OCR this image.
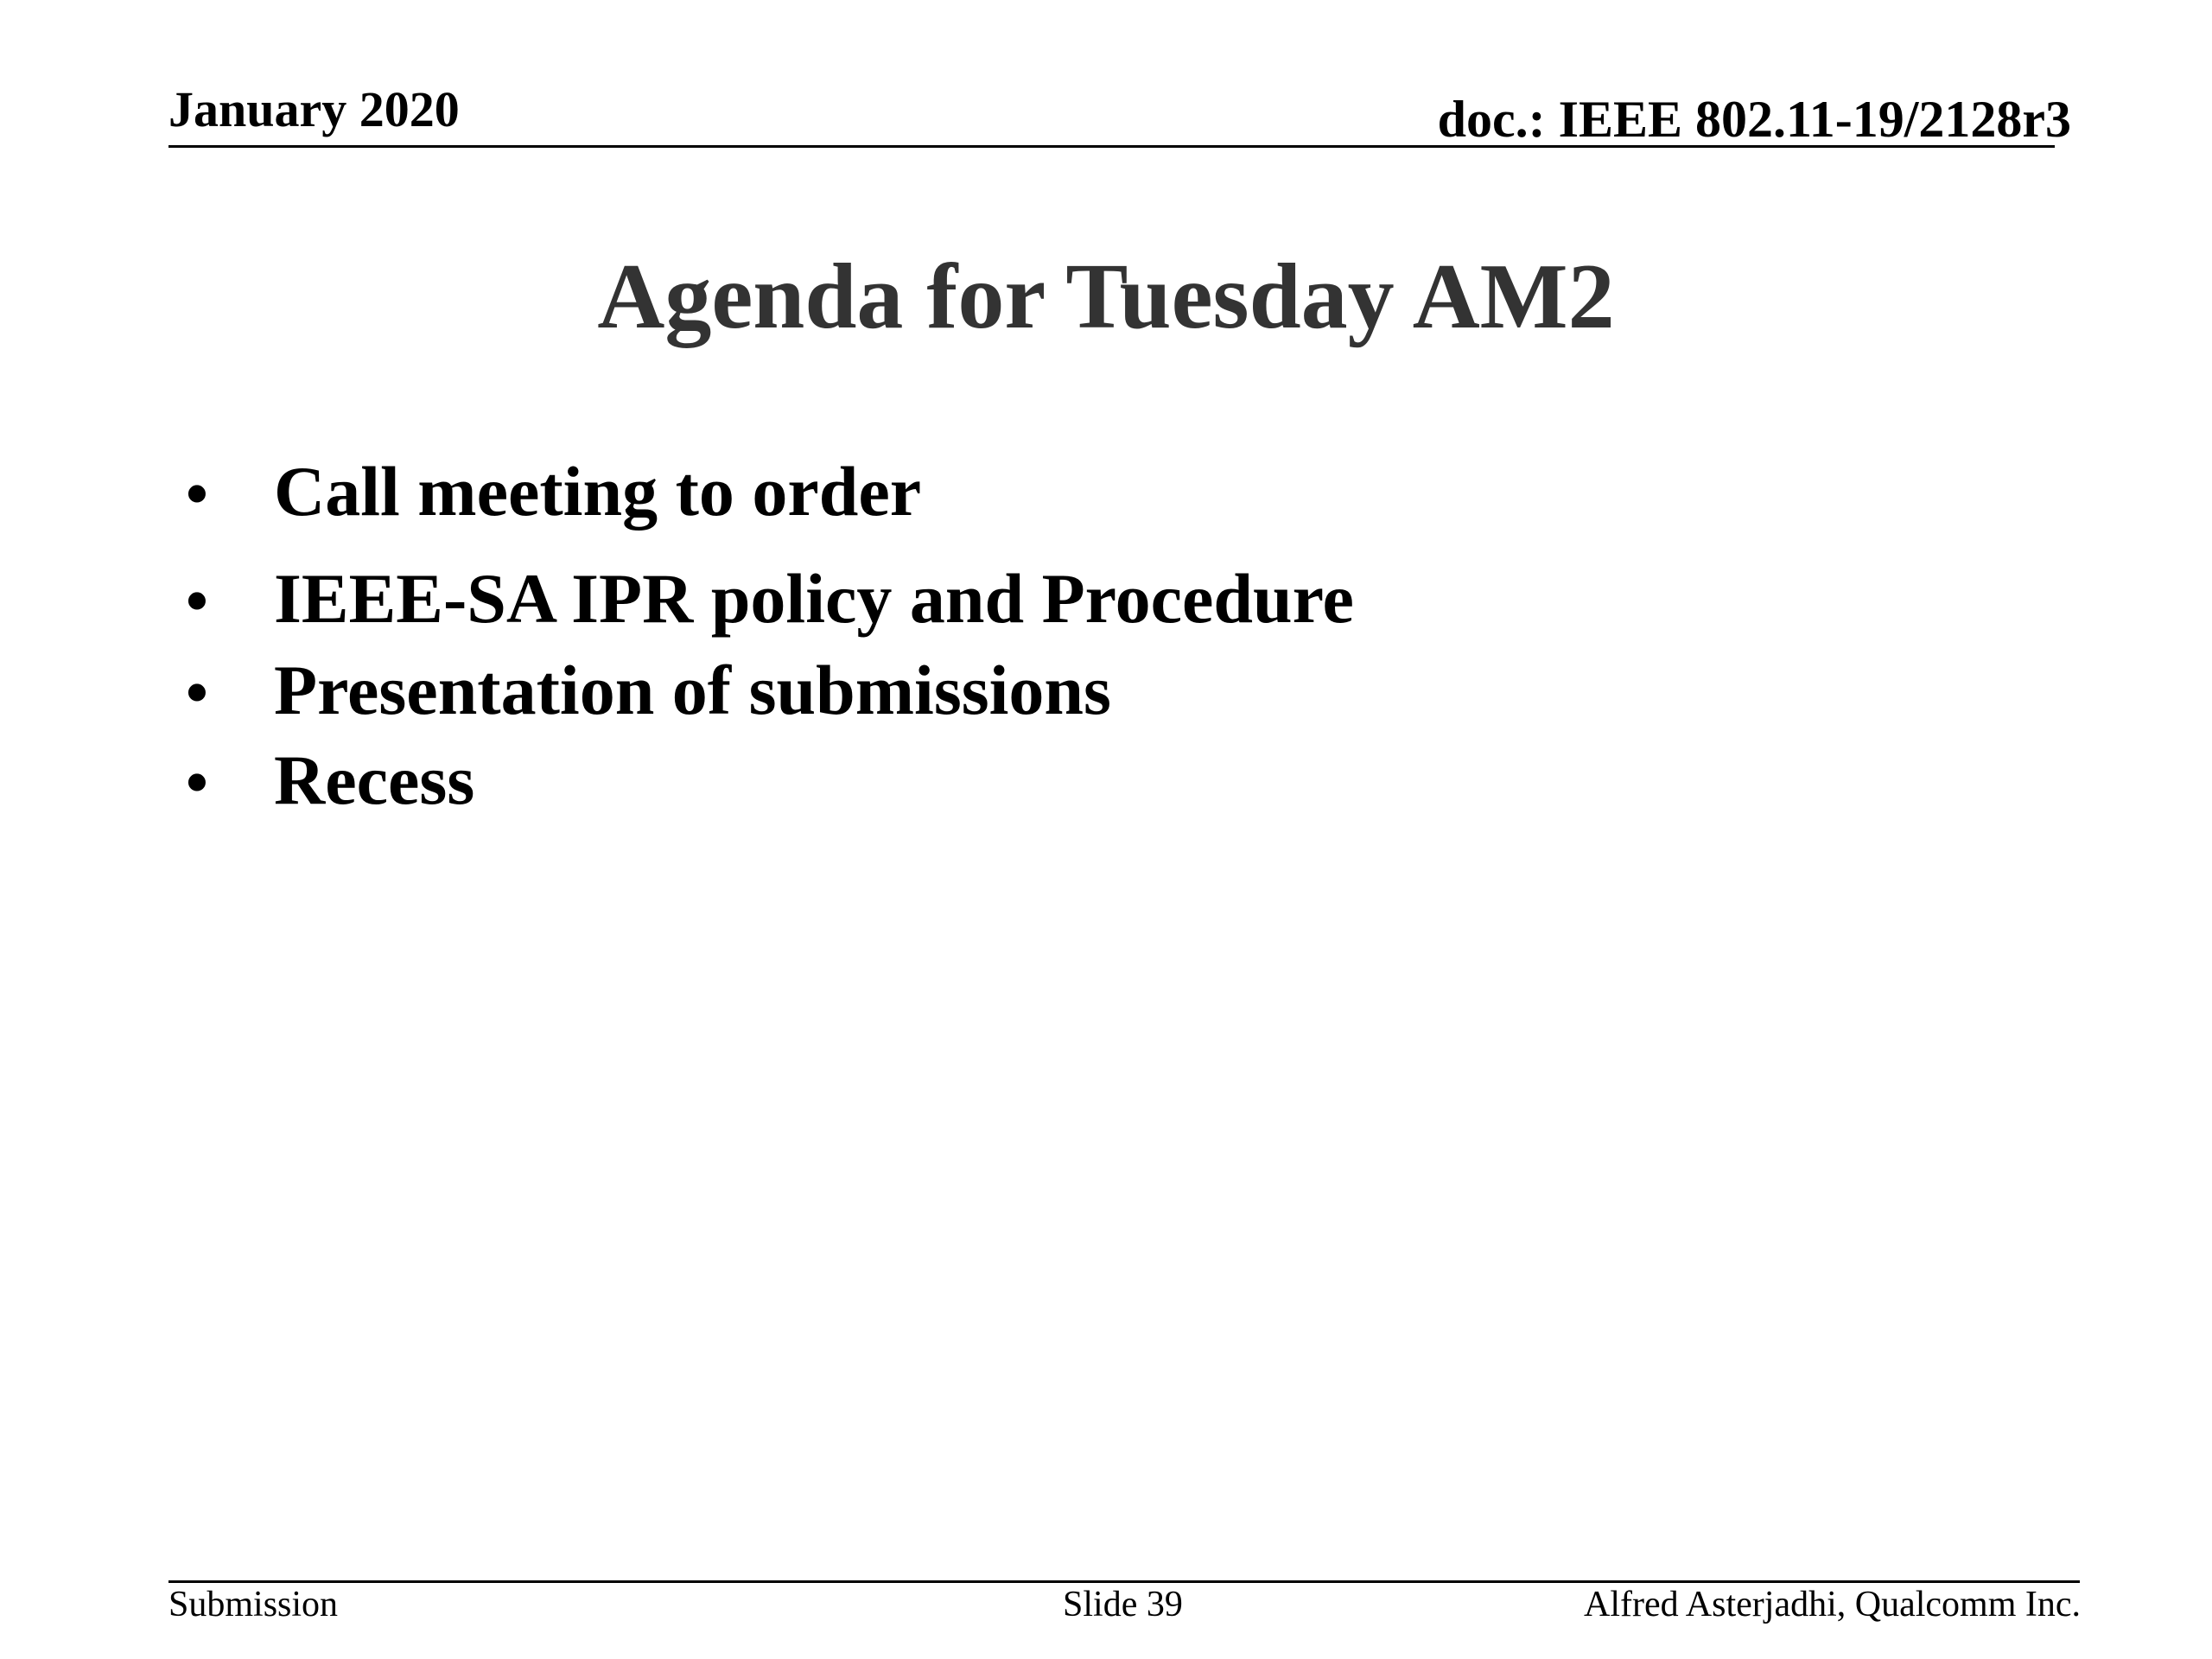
January 2020	doc.: IEEE 802.11-19/2128r3
Agenda for Tuesday AM2
• Call meeting to order
• IEEE-SA IPR policy and Procedure
• Presentation of submissions
• Recess
Submission	Slide 39	Alfred Asterjadhi, Qualcomm Inc.
